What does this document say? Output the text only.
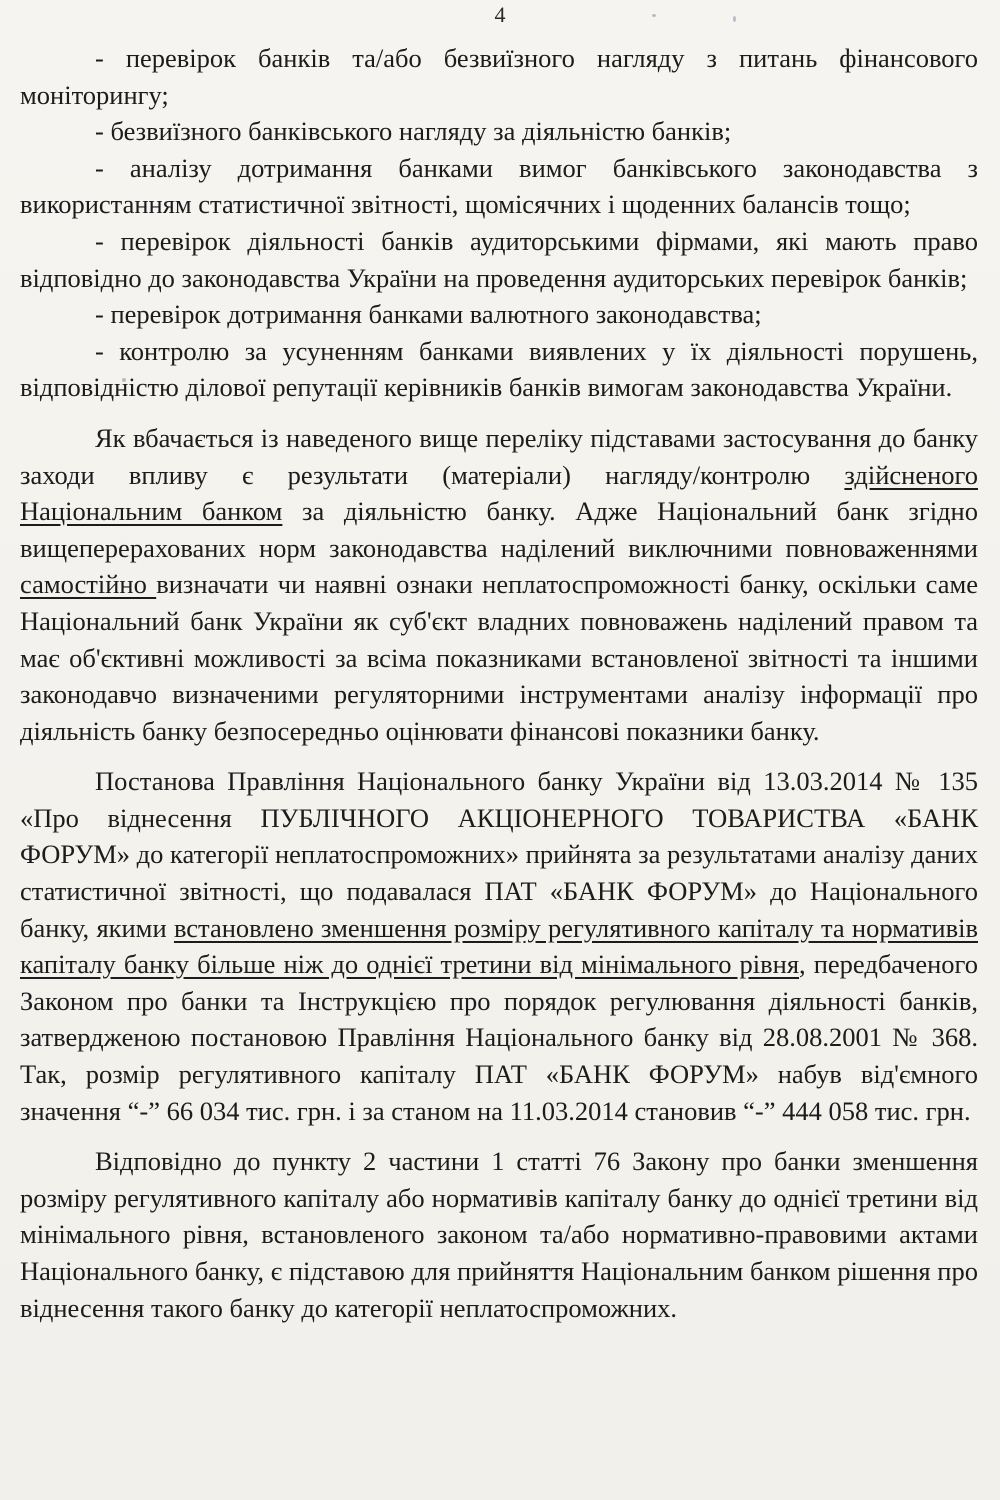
4

- перевірок банків та/або безвиїзного нагляду з питань фінансового моніторингу;

- безвиїзного банківського нагляду за діяльністю банків;

- аналізу дотримання банками вимог банківського законодавства з використанням статистичної звітності, щомісячних і щоденних балансів тощо;

- перевірок діяльності банків аудиторськими фірмами, які мають право відповідно до законодавства України на проведення аудиторських перевірок банків;

- перевірок дотримання банками валютного законодавства;

- контролю за усуненням банками виявлених у їх діяльності порушень, відповідністю ділової репутації керівників банків вимогам законодавства України.

Як вбачається із наведеного вище переліку підставами застосування до банку заходи впливу є результати (матеріали) нагляду/контролю здійсненого Національним банком за діяльністю банку. Адже Національний банк згідно вищеперерахованих норм законодавства наділений виключними повноваженнями самостійно визначати чи наявні ознаки неплатоспроможності банку, оскільки саме Національний банк України як суб'єкт владних повноважень наділений правом та має об'єктивні можливості за всіма показниками встановленої звітності та іншими законодавчо визначеними регуляторними інструментами аналізу інформації про діяльність банку безпосередньо оцінювати фінансові показники банку.

Постанова Правління Національного банку України від 13.03.2014 № 135 «Про віднесення ПУБЛІЧНОГО АКЦІОНЕРНОГО ТОВАРИСТВА «БАНК ФОРУМ» до категорії неплатоспроможних» прийнята за результатами аналізу даних статистичної звітності, що подавалася ПАТ «БАНК ФОРУМ» до Національного банку, якими встановлено зменшення розміру регулятивного капіталу та нормативів капіталу банку більше ніж до однієї третини від мінімального рівня, передбаченого Законом про банки та Інструкцією про порядок регулювання діяльності банків, затвердженою постановою Правління Національного банку від 28.08.2001 № 368. Так, розмір регулятивного капіталу ПАТ «БАНК ФОРУМ» набув від'ємного значення “-” 66 034 тис. грн. і за станом на 11.03.2014 становив “-” 444 058 тис. грн.

Відповідно до пункту 2 частини 1 статті 76 Закону про банки зменшення розміру регулятивного капіталу або нормативів капіталу банку до однієї третини від мінімального рівня, встановленого законом та/або нормативно-правовими актами Національного банку, є підставою для прийняття Національним банком рішення про віднесення такого банку до категорії неплатоспроможних.
